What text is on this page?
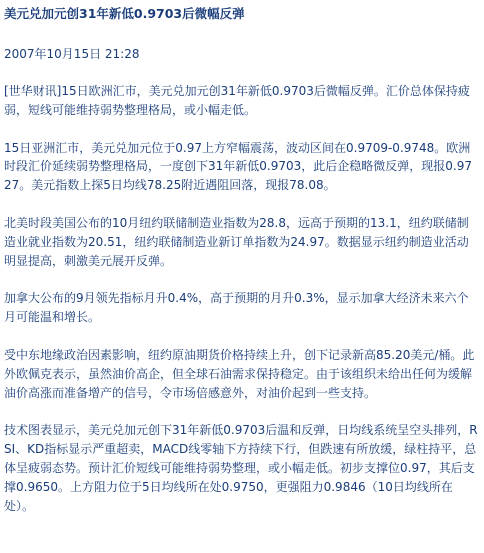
美元兑加元创31年新低0.9703后微幅反弹
2007年10月15日 21:28

[世华财讯]15日欧洲汇市，美元兑加元创31年新低0.9703后微幅反弹。汇价总体保持疲弱，短线可能维持弱势整理格局，或小幅走低。

15日亚洲汇市，美元兑加元位于0.97上方窄幅震荡，波动区间在0.9709-0.9748。欧洲时段汇价延续弱势整理格局，一度创下31年新低0.9703，此后企稳略微反弹，现报0.9727。美元指数上探5日均线78.25附近遇阻回落，现报78.08。

北美时段美国公布的10月纽约联储制造业指数为28.8，远高于预期的13.1，纽约联储制造业就业指数为20.51，纽约联储制造业新订单指数为24.97。数据显示纽约制造业活动明显提高，刺激美元展开反弹。

加拿大公布的9月领先指标月升0.4%，高于预期的月升0.3%，显示加拿大经济未来六个月可能温和增长。

受中东地缘政治因素影响，纽约原油期货价格持续上升，创下记录新高85.20美元/桶。此外欧佩克表示，虽然油价高企，但全球石油需求保持稳定。由于该组织未给出任何为缓解油价高涨而准备增产的信号，令市场倍感意外，对油价起到一些支持。

技术图表显示，美元兑加元创下31年新低0.9703后温和反弹，日均线系统呈空头排列，RSI、KD指标显示严重超卖，MACD线零轴下方持续下行，但跌速有所放缓，绿柱持平，总体呈疲弱态势。预计汇价短线可能维持弱势整理，或小幅走低。初步支撑位0.97，其后支撑0.9650。上方阻力位于5日均线所在处0.9750，更强阻力0.9846（10日均线所在处）。
